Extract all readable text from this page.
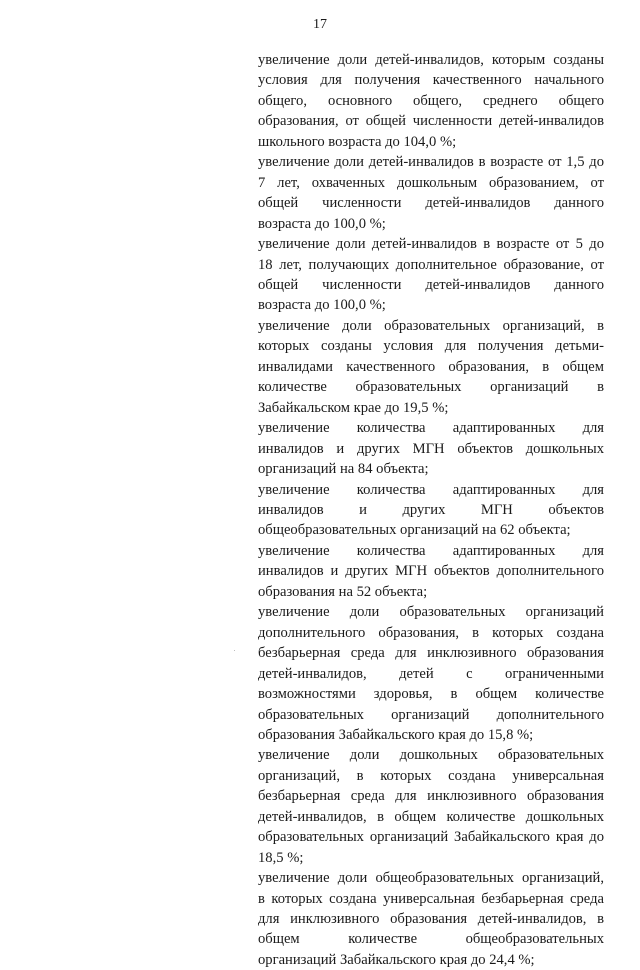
17
увеличение доли детей-инвалидов, которым созданы
условия для получения качественного начального
общего, основного общего, среднего общего
образования, от общей численности детей-инвалидов
школьного возраста до 104,0 %;
увеличение доли детей-инвалидов в возрасте от 1,5 до
7 лет, охваченных дошкольным образованием, от
общей численности детей-инвалидов данного
возраста до 100,0 %;
увеличение доли детей-инвалидов в возрасте от 5 до
18 лет, получающих дополнительное образование, от
общей численности детей-инвалидов данного
возраста до 100,0 %;
увеличение доли образовательных организаций, в
которых созданы условия для получения детьми-
инвалидами качественного образования, в общем
количестве образовательных организаций в
Забайкальском крае до 19,5 %;
увеличение количества адаптированных для
инвалидов и других МГН объектов дошкольных
организаций на 84 объекта;
увеличение количества адаптированных для
инвалидов и других МГН объектов
общеобразовательных организаций на 62 объекта;
увеличение количества адаптированных для
инвалидов и других МГН объектов дополнительного
образования на 52 объекта;
увеличение доли образовательных организаций
дополнительного образования, в которых создана
безбарьерная среда для инклюзивного образования
детей-инвалидов, детей с ограниченными
возможностями здоровья, в общем количестве
образовательных организаций дополнительного
образования Забайкальского края до 15,8 %;
увеличение доли дошкольных образовательных
организаций, в которых создана универсальная
безбарьерная среда для инклюзивного образования
детей-инвалидов, в общем количестве дошкольных
образовательных организаций Забайкальского края до
18,5 %;
увеличение доли общеобразовательных организаций,
в которых создана универсальная безбарьерная среда
для инклюзивного образования детей-инвалидов, в
общем количестве общеобразовательных
организаций Забайкальского края до 24,4 %;
